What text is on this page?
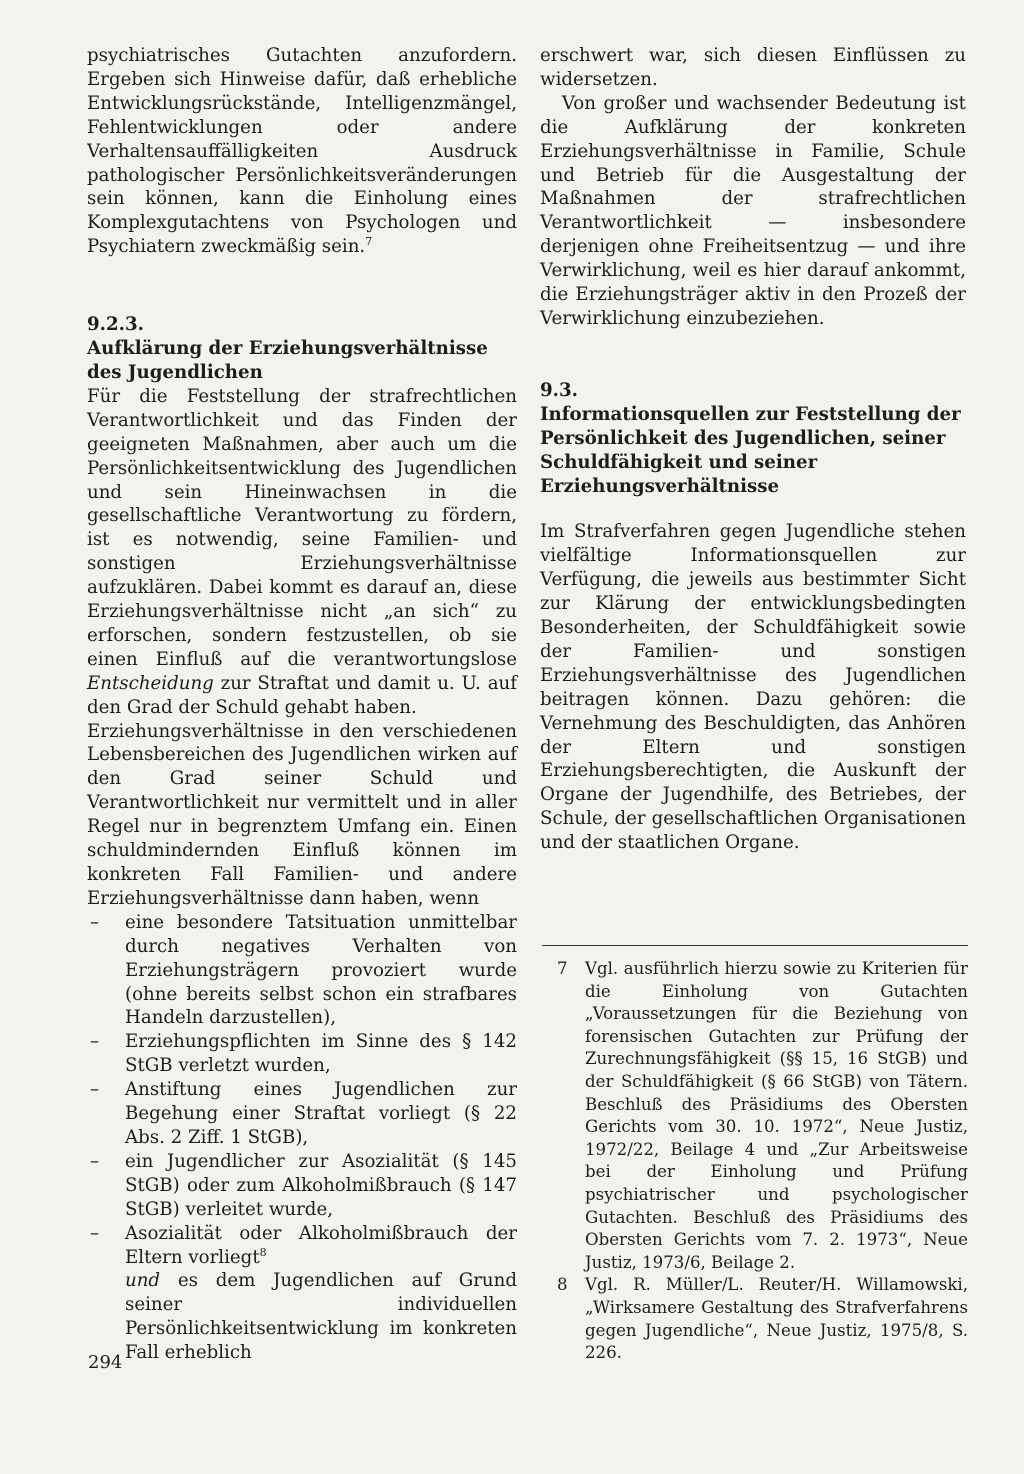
psychiatrisches Gutachten anzufordern. Ergeben sich Hinweise dafür, daß erhebliche Entwicklungsrückstände, Intelligenzmängel, Fehlentwicklungen oder andere Verhaltensauffälligkeiten Ausdruck pathologischer Persönlichkeitsveränderungen sein können, kann die Einholung eines Komplexgutachtens von Psychologen und Psychiatern zweckmäßig sein.$^7$

9.2.3.
Aufklärung der Erziehungsverhältnisse des Jugendlichen

Für die Feststellung der strafrechtlichen Verantwortlichkeit und das Finden der geeigneten Maßnahmen, aber auch um die Persönlichkeitsentwicklung des Jugendlichen und sein Hineinwachsen in die gesellschaftliche Verantwortung zu fördern, ist es notwendig, seine Familien- und sonstigen Erziehungsverhältnisse aufzuklären. Dabei kommt es darauf an, diese Erziehungsverhältnisse nicht „an sich“ zu erforschen, sondern festzustellen, ob sie einen Einfluß auf die verantwortungslose Entscheidung zur Straftat und damit u. U. auf den Grad der Schuld gehabt haben.

Erziehungsverhältnisse in den verschiedenen Lebensbereichen des Jugendlichen wirken auf den Grad seiner Schuld und Verantwortlichkeit nur vermittelt und in aller Regel nur in begrenztem Umfang ein. Einen schuldmindernden Einfluß können im konkreten Fall Familien- und andere Erziehungsverhältnisse dann haben, wenn

– eine besondere Tatsituation unmittelbar durch negatives Verhalten von Erziehungsträgern provoziert wurde (ohne bereits selbst schon ein strafbares Handeln darzustellen),
– Erziehungspflichten im Sinne des § 142 StGB verletzt wurden,
– Anstiftung eines Jugendlichen zur Begehung einer Straftat vorliegt (§ 22 Abs. 2 Ziff. 1 StGB),
– ein Jugendlicher zur Asozialität (§ 145 StGB) oder zum Alkoholmißbrauch (§ 147 StGB) verleitet wurde,
– Asozialität oder Alkoholmißbrauch der Eltern vorliegt$^8$
und es dem Jugendlichen auf Grund seiner individuellen Persönlichkeitsentwicklung im konkreten Fall erheblich

erschwert war, sich diesen Einflüssen zu widersetzen.

Von großer und wachsender Bedeutung ist die Aufklärung der konkreten Erziehungsverhältnisse in Familie, Schule und Betrieb für die Ausgestaltung der Maßnahmen der strafrechtlichen Verantwortlichkeit — insbesondere derjenigen ohne Freiheitsentzug — und ihre Verwirklichung, weil es hier darauf ankommt, die Erziehungsträger aktiv in den Prozeß der Verwirklichung einzubeziehen.

9.3.
Informationsquellen zur Feststellung der Persönlichkeit des Jugendlichen, seiner Schuldfähigkeit und seiner Erziehungsverhältnisse

Im Strafverfahren gegen Jugendliche stehen vielfältige Informationsquellen zur Verfügung, die jeweils aus bestimmter Sicht zur Klärung der entwicklungsbedingten Besonderheiten, der Schuldfähigkeit sowie der Familien- und sonstigen Erziehungsverhältnisse des Jugendlichen beitragen können. Dazu gehören: die Vernehmung des Beschuldigten, das Anhören der Eltern und sonstigen Erziehungsberechtigten, die Auskunft der Organe der Jugendhilfe, des Betriebes, der Schule, der gesellschaftlichen Organisationen und der staatlichen Organe.

7 Vgl. ausführlich hierzu sowie zu Kriterien für die Einholung von Gutachten „Voraussetzungen für die Beziehung von forensischen Gutachten zur Prüfung der Zurechnungsfähigkeit (§§ 15, 16 StGB) und der Schuldfähigkeit (§ 66 StGB) von Tätern. Beschluß des Präsidiums des Obersten Gerichts vom 30. 10. 1972“, Neue Justiz, 1972/22, Beilage 4 und „Zur Arbeitsweise bei der Einholung und Prüfung psychiatrischer und psychologischer Gutachten. Beschluß des Präsidiums des Obersten Gerichts vom 7. 2. 1973“, Neue Justiz, 1973/6, Beilage 2.
8 Vgl. R. Müller/L. Reuter/H. Willamowski, „Wirksamere Gestaltung des Strafverfahrens gegen Jugendliche“, Neue Justiz, 1975/8, S. 226.
294
